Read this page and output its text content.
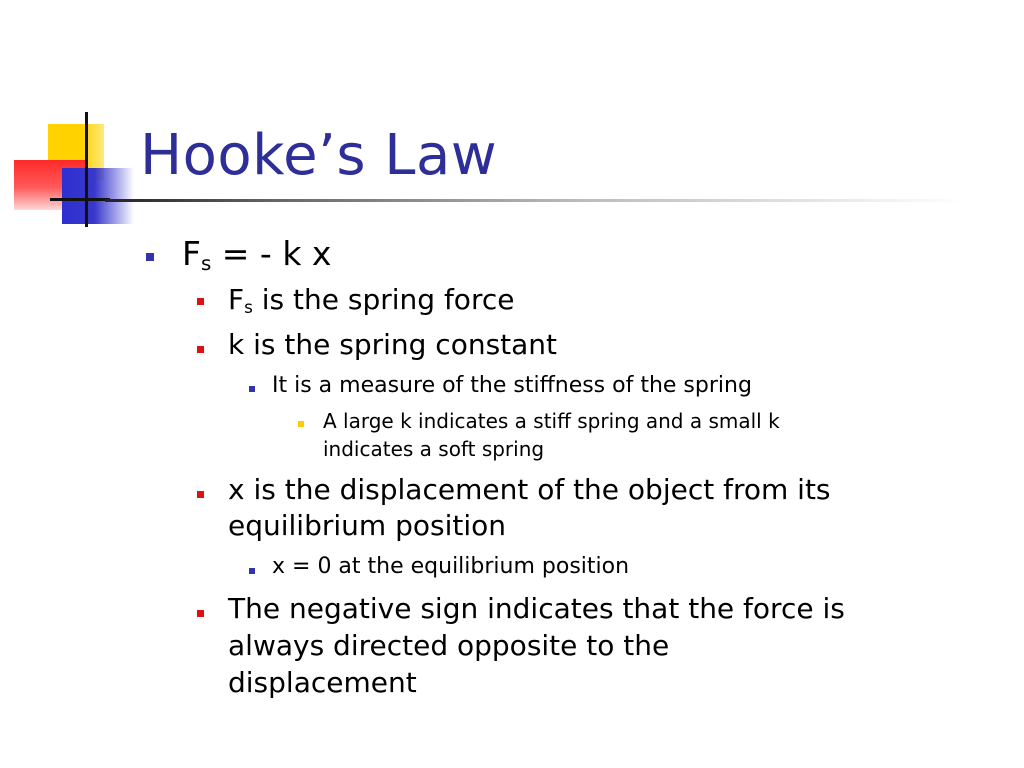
Hooke’s Law
$F_s$ = - k x
$F_s$ is the spring force
k is the spring constant
It is a measure of the stiffness of the spring
A large k indicates a stiff spring and a small k
indicates a soft spring
x is the displacement of the object from its
equilibrium position
x = 0 at the equilibrium position
The negative sign indicates that the force is
always directed opposite to the
displacement
